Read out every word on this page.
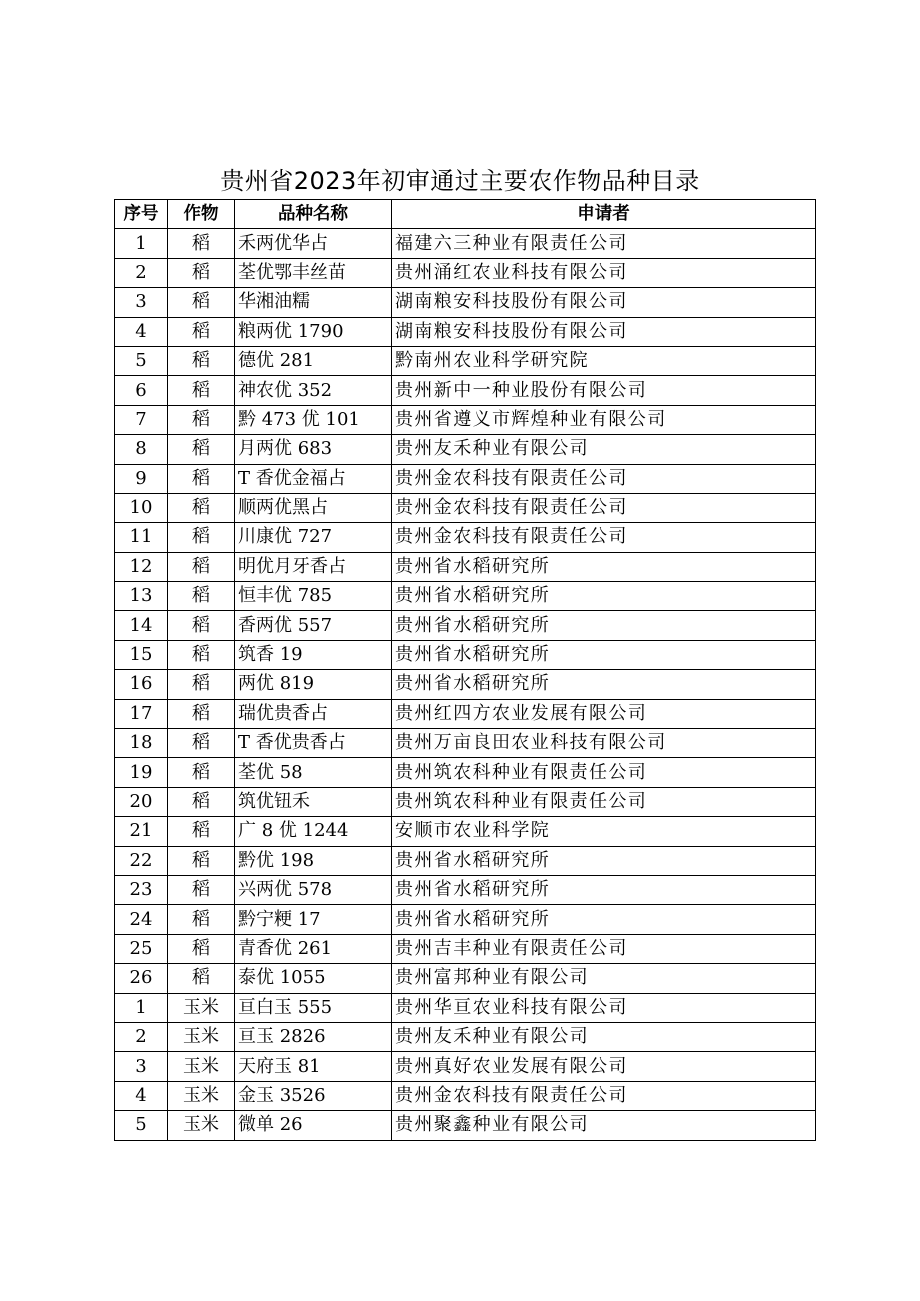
贵州省2023年初审通过主要农作物品种目录
序号	作物	品种名称	申请者
1	稻	禾两优华占	福建六三种业有限责任公司
2	稻	荃优鄂丰丝苗	贵州涌红农业科技有限公司
3	稻	华湘油糯	湖南粮安科技股份有限公司
4	稻	粮两优 1790	湖南粮安科技股份有限公司
5	稻	德优 281	黔南州农业科学研究院
6	稻	神农优 352	贵州新中一种业股份有限公司
7	稻	黔 473 优 101	贵州省遵义市辉煌种业有限公司
8	稻	月两优 683	贵州友禾种业有限公司
9	稻	T 香优金福占	贵州金农科技有限责任公司
10	稻	顺两优黑占	贵州金农科技有限责任公司
11	稻	川康优 727	贵州金农科技有限责任公司
12	稻	明优月牙香占	贵州省水稻研究所
13	稻	恒丰优 785	贵州省水稻研究所
14	稻	香两优 557	贵州省水稻研究所
15	稻	筑香 19	贵州省水稻研究所
16	稻	两优 819	贵州省水稻研究所
17	稻	瑞优贵香占	贵州红四方农业发展有限公司
18	稻	T 香优贵香占	贵州万亩良田农业科技有限公司
19	稻	荃优 58	贵州筑农科种业有限责任公司
20	稻	筑优钮禾	贵州筑农科种业有限责任公司
21	稻	广 8 优 1244	安顺市农业科学院
22	稻	黔优 198	贵州省水稻研究所
23	稻	兴两优 578	贵州省水稻研究所
24	稻	黔宁粳 17	贵州省水稻研究所
25	稻	青香优 261	贵州吉丰种业有限责任公司
26	稻	泰优 1055	贵州富邦种业有限公司
1	玉米	亘白玉 555	贵州华亘农业科技有限公司
2	玉米	亘玉 2826	贵州友禾种业有限公司
3	玉米	天府玉 81	贵州真好农业发展有限公司
4	玉米	金玉 3526	贵州金农科技有限责任公司
5	玉米	微单 26	贵州聚鑫种业有限公司
